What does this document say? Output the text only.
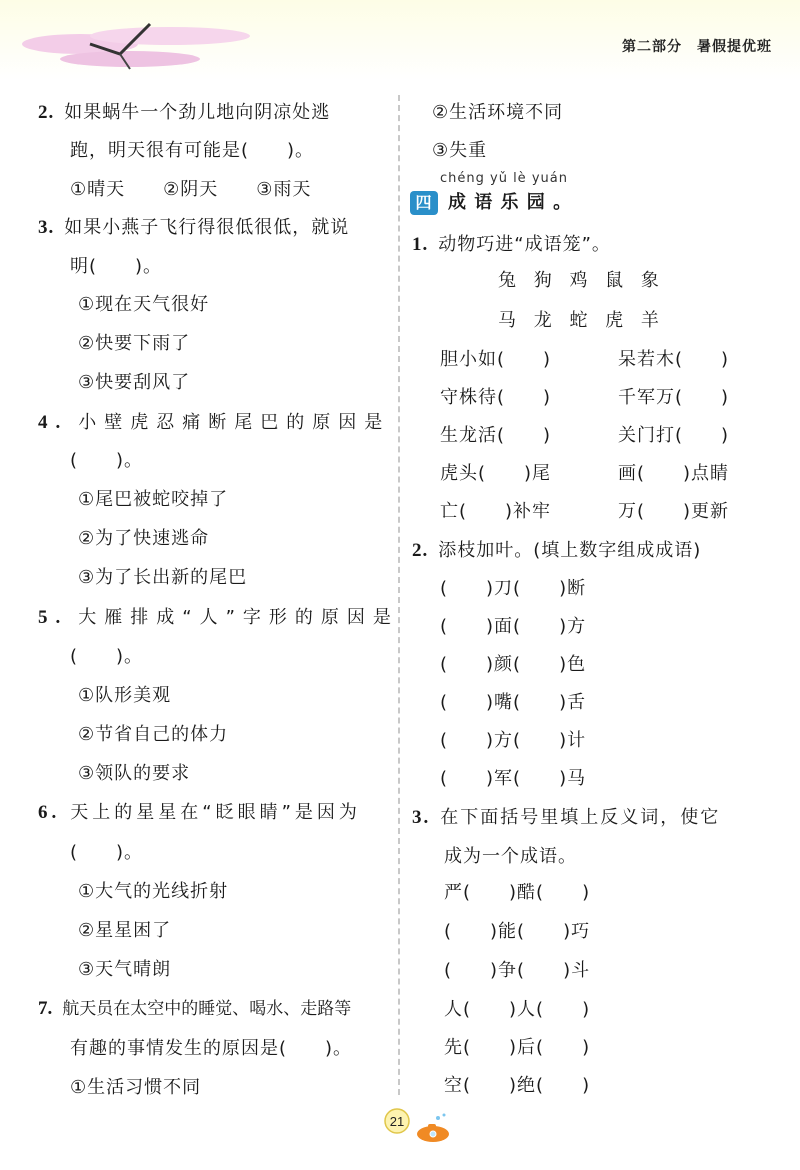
第二部分　暑假提优班
2. 如果蜗牛一个劲儿地向阴凉处逃
跑，明天很有可能是(　　)。
①晴天　　②阴天　　③雨天
3. 如果小燕子飞行得很低很低，就说
明(　　)。
①现在天气很好
②快要下雨了
③快要刮风了
4. 小壁虎忍痛断尾巴的原因是
(　　)。
①尾巴被蛇咬掉了
②为了快速逃命
③为了长出新的尾巴
5. 大雁排成“人”字形的原因是
(　　)。
①队形美观
②节省自己的体力
③领队的要求
6. 天上的星星在“眨眼睛”是因为
(　　)。
①大气的光线折射
②星星困了
③天气晴朗
7. 航天员在太空中的睡觉、喝水、走路等
有趣的事情发生的原因是(　　)。
①生活习惯不同
②生活环境不同
③失重
chéng yǔ lè yuán
四 成 语 乐 园 。
1. 动物巧进“成语笼”。
兔 狗 鸡 鼠 象
马 龙 蛇 虎 羊
胆小如(　　)	呆若木(　　)
守株待(　　)	千军万(　　)
生龙活(　　)	关门打(　　)
虎头(　　)尾	画(　　)点睛
亡(　　)补牢	万(　　)更新
2. 添枝加叶。(填上数字组成成语)
(　　)刀(　　)断
(　　)面(　　)方
(　　)颜(　　)色
(　　)嘴(　　)舌
(　　)方(　　)计
(　　)军(　　)马
3. 在下面括号里填上反义词，使它
成为一个成语。
严(　　)酷(　　)
(　　)能(　　)巧
(　　)争(　　)斗
人(　　)人(　　)
先(　　)后(　　)
空(　　)绝(　　)
21
